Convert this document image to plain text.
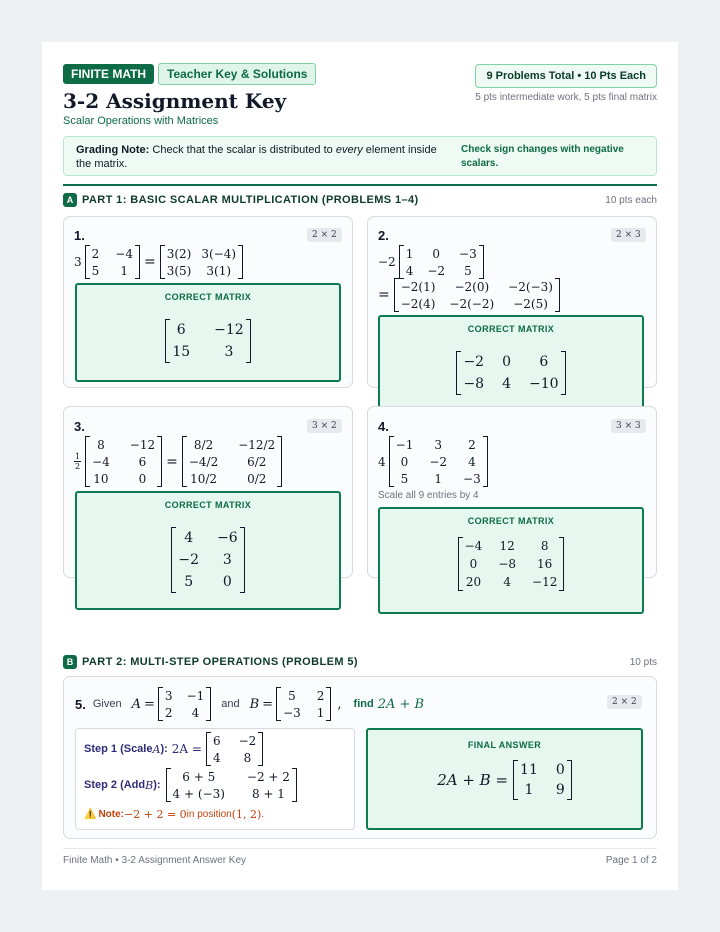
FINITE MATH	Teacher Key & Solutions	9 Problems Total • 10 Pts Each
3-2 Assignment Key	5 pts intermediate work, 5 pts final matrix
Scalar Operations with Matrices
Grading Note: Check that the scalar is distributed to every element inside the matrix.
Check sign changes with negative scalars.
A PART 1: BASIC SCALAR MULTIPLICATION (PROBLEMS 1–4)	10 pts each
1.	2 × 2
3
2 −4
5 1
=
3(2) 3(−4)
3(5) 3(1)
CORRECT MATRIX
6 −12
15 3
2.	2 × 3
−2
1 0 −3
4 −2 5
=
−2(1) −2(0) −2(−3)
−2(4) −2(−2) −2(5)
CORRECT MATRIX
−2 0 6
−8 4 −10
3.	3 × 2
$\frac{1}{2}$
8 −12
−4 6
10	0
=
8/2 −12/2
−4/2 6/2
10/2	0/2
CORRECT MATRIX
4 −6
−2 3
5 0
4.	3 × 3
4
−1 3 2
0 −2 4
5 1 −3
Scale all 9 entries by 4
CORRECT MATRIX
−4 12 8
0 −8 16
20 4 −12
B PART 2: MULTI-STEP OPERATIONS (PROBLEM 5)	10 pts
5. Given A =
3 −1
2 4
and B =
5 2
−3 1
, find 2A + B	2 × 2
Step 1 (Scale A ): 2A =
6 −2
4 8
Step 2 (Add B ):
6 + 5	−2 + 2
4 + (−3) 8 + 1
⚠️ Note: −2 + 2 = 0 in position (1, 2) .
FINAL ANSWER
2A + B =
11 0
1 9
Finite Math • 3-2 Assignment Answer Key	Page 1 of 2
